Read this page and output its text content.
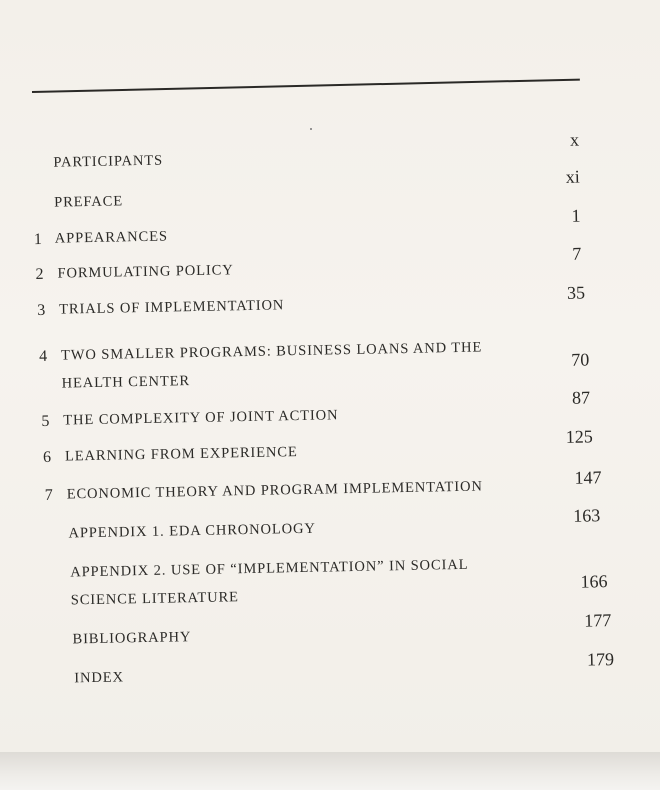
PARTICIPANTS
x
PREFACE
xi
1 APPEARANCES
1
2 FORMULATING POLICY
7
3 TRIALS OF IMPLEMENTATION
35
4 TWO SMALLER PROGRAMS: BUSINESS LOANS AND THE
HEALTH CENTER
70
5 THE COMPLEXITY OF JOINT ACTION
87
6 LEARNING FROM EXPERIENCE
125
7 ECONOMIC THEORY AND PROGRAM IMPLEMENTATION
147
APPENDIX 1. EDA CHRONOLOGY
163
APPENDIX 2. USE OF “IMPLEMENTATION” IN SOCIAL
SCIENCE LITERATURE
166
BIBLIOGRAPHY
177
INDEX
179
